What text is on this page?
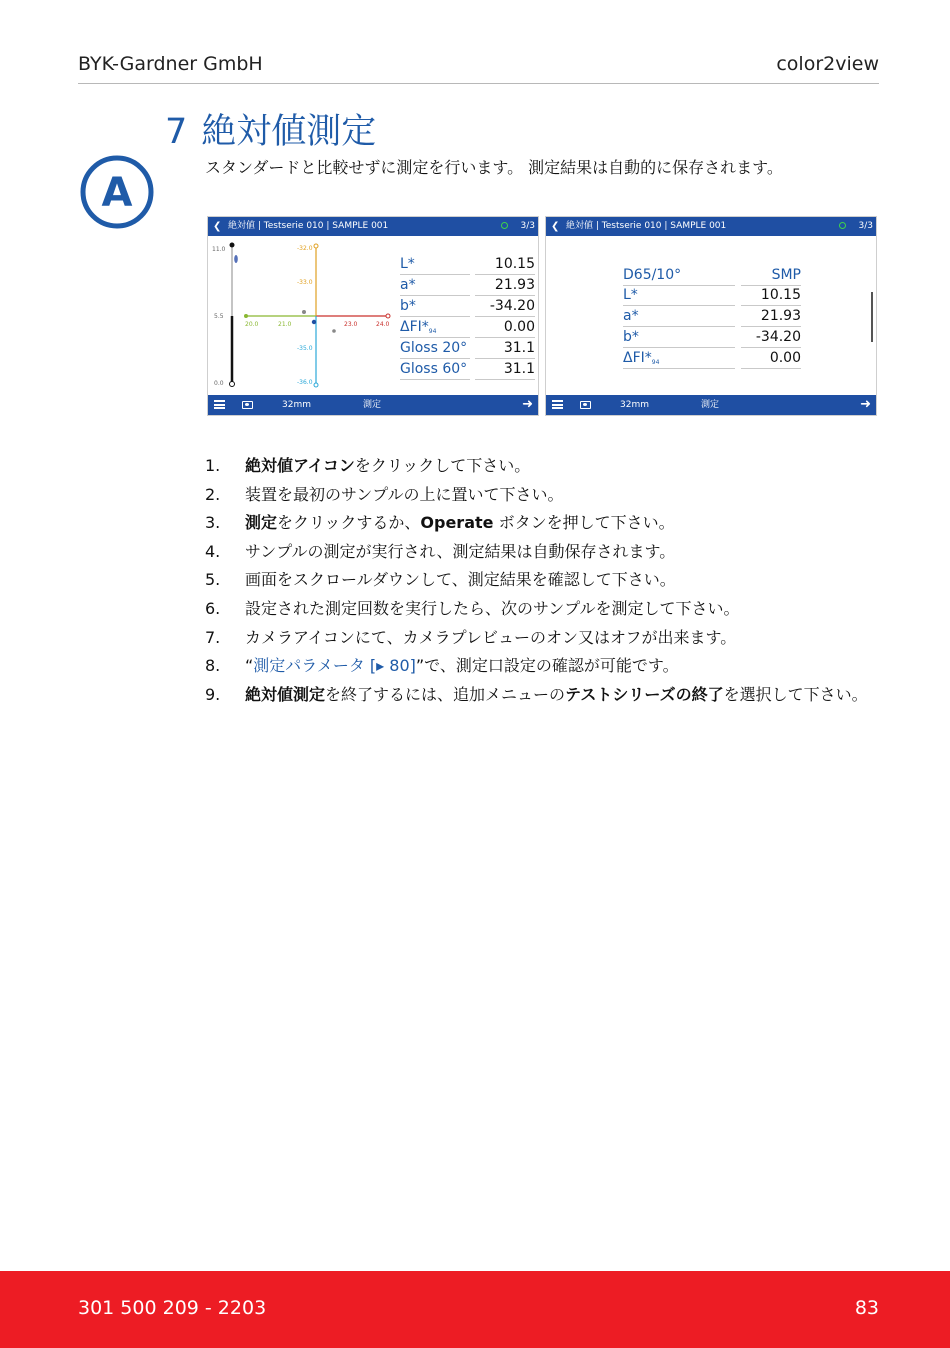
BYK-Gardner GmbH	color2view
7 絶対値測定
A
スタンダードと比較せずに測定を行います。 測定結果は自動的に保存されます。
❮ 絶対値 | Testserie 010 | SAMPLE 001	3/3
11.0
5.5
0.0
20.0	21.0	23.0	24.0
-32.0
-33.0
-35.0
-36.0
L*	10.15
a*	21.93
b*	-34.20
$\Delta FI*_{94}$	0.00
Gloss 20°	31.1
Gloss 60°	31.1
32mm	測定	➜
❮ 絶対値 | Testserie 010 | SAMPLE 001	3/3
D65/10°	SMP
L*	10.15
a*	21.93
b*	-34.20
$\Delta FI*_{94}$	0.00
32mm	測定	➜
1. 絶対値アイコンをクリックして下さい。
2. 装置を最初のサンプルの上に置いて下さい。
3. 測定をクリックするか、Operate ボタンを押して下さい。
4. サンプルの測定が実行され、測定結果は自動保存されます。
5. 画面をスクロールダウンして、測定結果を確認して下さい。
6. 設定された測定回数を実行したら、次のサンプルを測定して下さい。
7. カメラアイコンにて、カメラプレビューのオン又はオフが出来ます。
8. “測定パラメータ [▸ 80]”で、測定口設定の確認が可能です。
9. 絶対値測定を終了するには、追加メニューのテストシリーズの終了を選択して下さい。
301 500 209 - 2203	83
